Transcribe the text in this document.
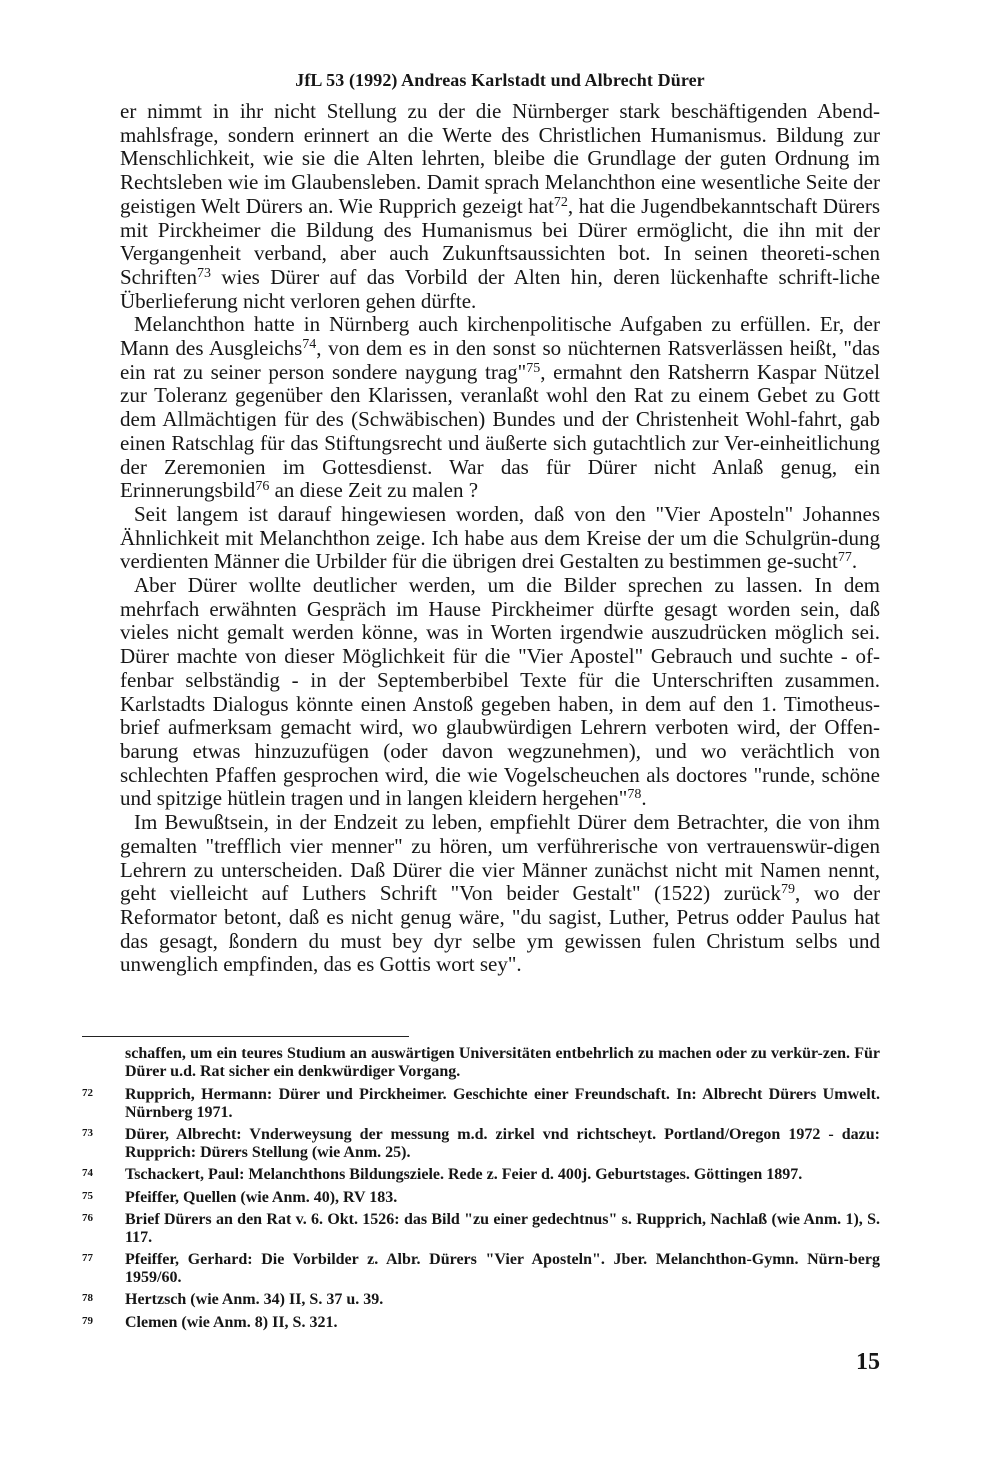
JfL 53 (1992) Andreas Karlstadt und Albrecht Dürer

er nimmt in ihr nicht Stellung zu der die Nürnberger stark beschäftigenden Abend-mahlsfrage, sondern erinnert an die Werte des Christlichen Humanismus. Bildung zur Menschlichkeit, wie sie die Alten lehrten, bleibe die Grundlage der guten Ordnung im Rechtsleben wie im Glaubensleben. Damit sprach Melanchthon eine wesentliche Seite der geistigen Welt Dürers an. Wie Rupprich gezeigt hat$^{72}$, hat die Jugendbekanntschaft Dürers mit Pirckheimer die Bildung des Humanismus bei Dürer ermöglicht, die ihn mit der Vergangenheit verband, aber auch Zukunftsaussichten bot. In seinen theoreti-schen Schriften$^{73}$ wies Dürer auf das Vorbild der Alten hin, deren lückenhafte schrift-liche Überlieferung nicht verloren gehen dürfte.

Melanchthon hatte in Nürnberg auch kirchenpolitische Aufgaben zu erfüllen. Er, der Mann des Ausgleichs$^{74}$, von dem es in den sonst so nüchternen Ratsverlässen heißt, "das ein rat zu seiner person sondere naygung trag"$^{75}$, ermahnt den Ratsherrn Kaspar Nützel zur Toleranz gegenüber den Klarissen, veranlaßt wohl den Rat zu einem Gebet zu Gott dem Allmächtigen für des (Schwäbischen) Bundes und der Christenheit Wohl-fahrt, gab einen Ratschlag für das Stiftungsrecht und äußerte sich gutachtlich zur Ver-einheitlichung der Zeremonien im Gottesdienst. War das für Dürer nicht Anlaß genug, ein Erinnerungsbild$^{76}$ an diese Zeit zu malen ?

Seit langem ist darauf hingewiesen worden, daß von den "Vier Aposteln" Johannes Ähnlichkeit mit Melanchthon zeige. Ich habe aus dem Kreise der um die Schulgrün-dung verdienten Männer die Urbilder für die übrigen drei Gestalten zu bestimmen ge-sucht$^{77}$.

Aber Dürer wollte deutlicher werden, um die Bilder sprechen zu lassen. In dem mehrfach erwähnten Gespräch im Hause Pirckheimer dürfte gesagt worden sein, daß vieles nicht gemalt werden könne, was in Worten irgendwie auszudrücken möglich sei. Dürer machte von dieser Möglichkeit für die "Vier Apostel" Gebrauch und suchte - of-fenbar selbständig - in der Septemberbibel Texte für die Unterschriften zusammen. Karlstadts Dialogus könnte einen Anstoß gegeben haben, in dem auf den 1. Timotheus-brief aufmerksam gemacht wird, wo glaubwürdigen Lehrern verboten wird, der Offen-barung etwas hinzuzufügen (oder davon wegzunehmen), und wo verächtlich von schlechten Pfaffen gesprochen wird, die wie Vogelscheuchen als doctores "runde, schöne und spitzige hütlein tragen und in langen kleidern hergehen"$^{78}$.

Im Bewußtsein, in der Endzeit zu leben, empfiehlt Dürer dem Betrachter, die von ihm gemalten "trefflich vier menner" zu hören, um verführerische von vertrauenswür-digen Lehrern zu unterscheiden. Daß Dürer die vier Männer zunächst nicht mit Namen nennt, geht vielleicht auf Luthers Schrift "Von beider Gestalt" (1522) zurück$^{79}$, wo der Reformator betont, daß es nicht genug wäre, "du sagist, Luther, Petrus odder Paulus hat das gesagt, ßondern du must bey dyr selbe ym gewissen fulen Christum selbs und unwenglich empfinden, das es Gottis wort sey".

schaffen, um ein teures Studium an auswärtigen Universitäten entbehrlich zu machen oder zu verkür-zen. Für Dürer u.d. Rat sicher ein denkwürdiger Vorgang.
72 Rupprich, Hermann: Dürer und Pirckheimer. Geschichte einer Freundschaft. In: Albrecht Dürers Umwelt. Nürnberg 1971.
73 Dürer, Albrecht: Vnderweysung der messung m.d. zirkel vnd richtscheyt. Portland/Oregon 1972 - dazu: Rupprich: Dürers Stellung (wie Anm. 25).
74 Tschackert, Paul: Melanchthons Bildungsziele. Rede z. Feier d. 400j. Geburtstages. Göttingen 1897.
75 Pfeiffer, Quellen (wie Anm. 40), RV 183.
76 Brief Dürers an den Rat v. 6. Okt. 1526: das Bild "zu einer gedechtnus" s. Rupprich, Nachlaß (wie Anm. 1), S. 117.
77 Pfeiffer, Gerhard: Die Vorbilder z. Albr. Dürers "Vier Aposteln". Jber. Melanchthon-Gymn. Nürn-berg 1959/60.
78 Hertzsch (wie Anm. 34) II, S. 37 u. 39.
79 Clemen (wie Anm. 8) II, S. 321.
15
